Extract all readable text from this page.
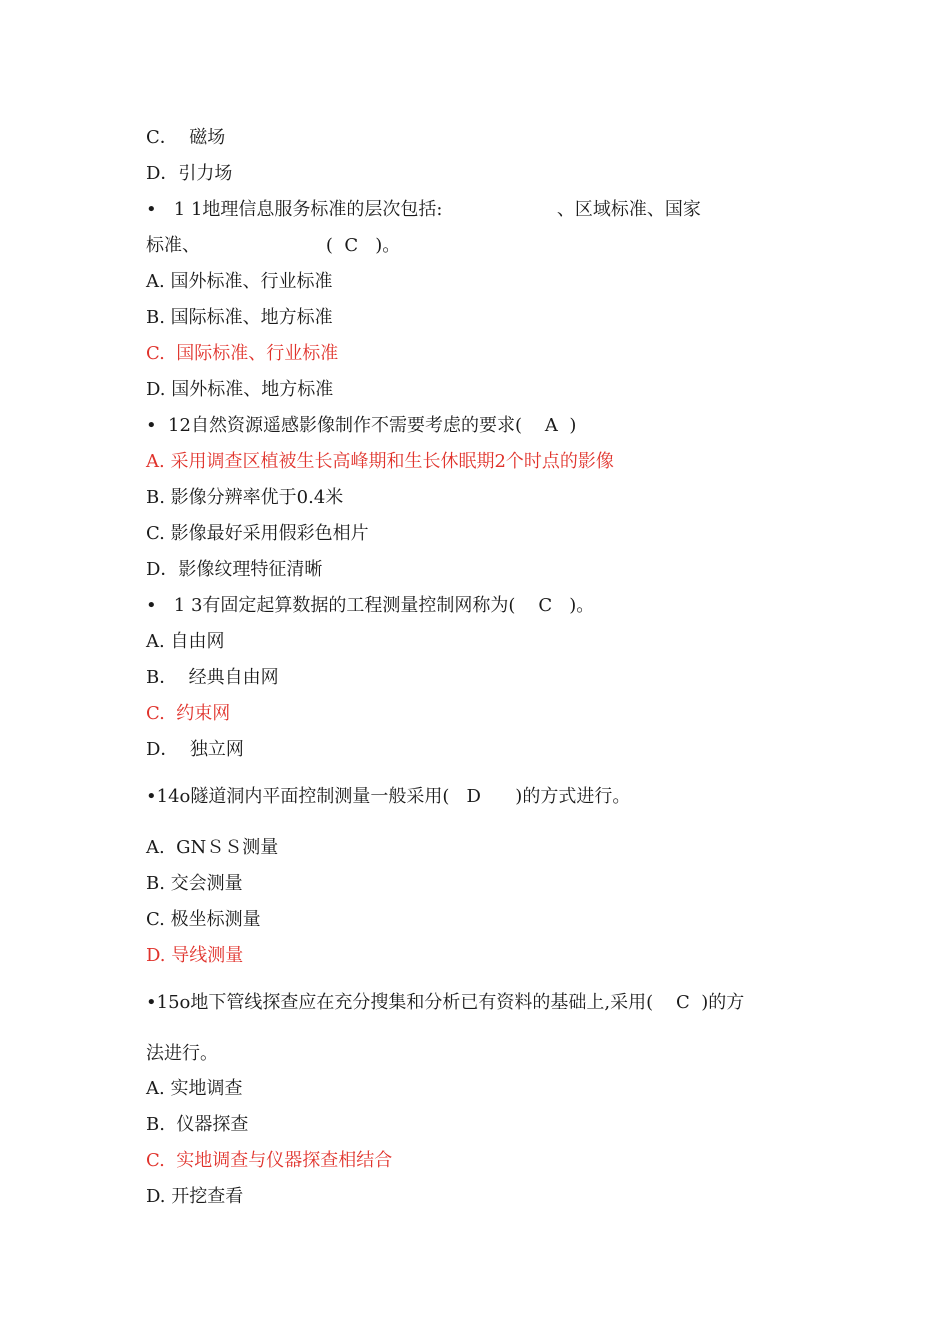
C．  磁场
D．引力场
•   1 1地理信息服务标准的层次包括:                    、区域标准、国家
标准、                      (  C   )。
A. 国外标准、行业标准
B. 国际标准、地方标准
C.  国际标准、行业标准
D. 国外标准、地方标准
•  12自然资源遥感影像制作不需要考虑的要求(    A  )
A. 采用调查区植被生长高峰期和生长休眠期2个时点的影像
B. 影像分辨率优于0.4米
C. 影像最好采用假彩色相片
D．影像纹理特征清晰
•   1 3有固定起算数据的工程测量控制网称为(    C   )。
A. 自由网
B．  经典自由网
C.  约束网
D．  独立网
•14o隧道洞内平面控制测量一般采用(   D      )的方式进行。
A.  GNＳＳ测量
B. 交会测量
C. 极坐标测量
D. 导线测量
•15o地下管线探查应在充分搜集和分析已有资料的基础上,采用(    C  )的方
法进行。
A. 实地调查
B.  仪器探查
C.  实地调查与仪器探查相结合
D. 开挖查看
